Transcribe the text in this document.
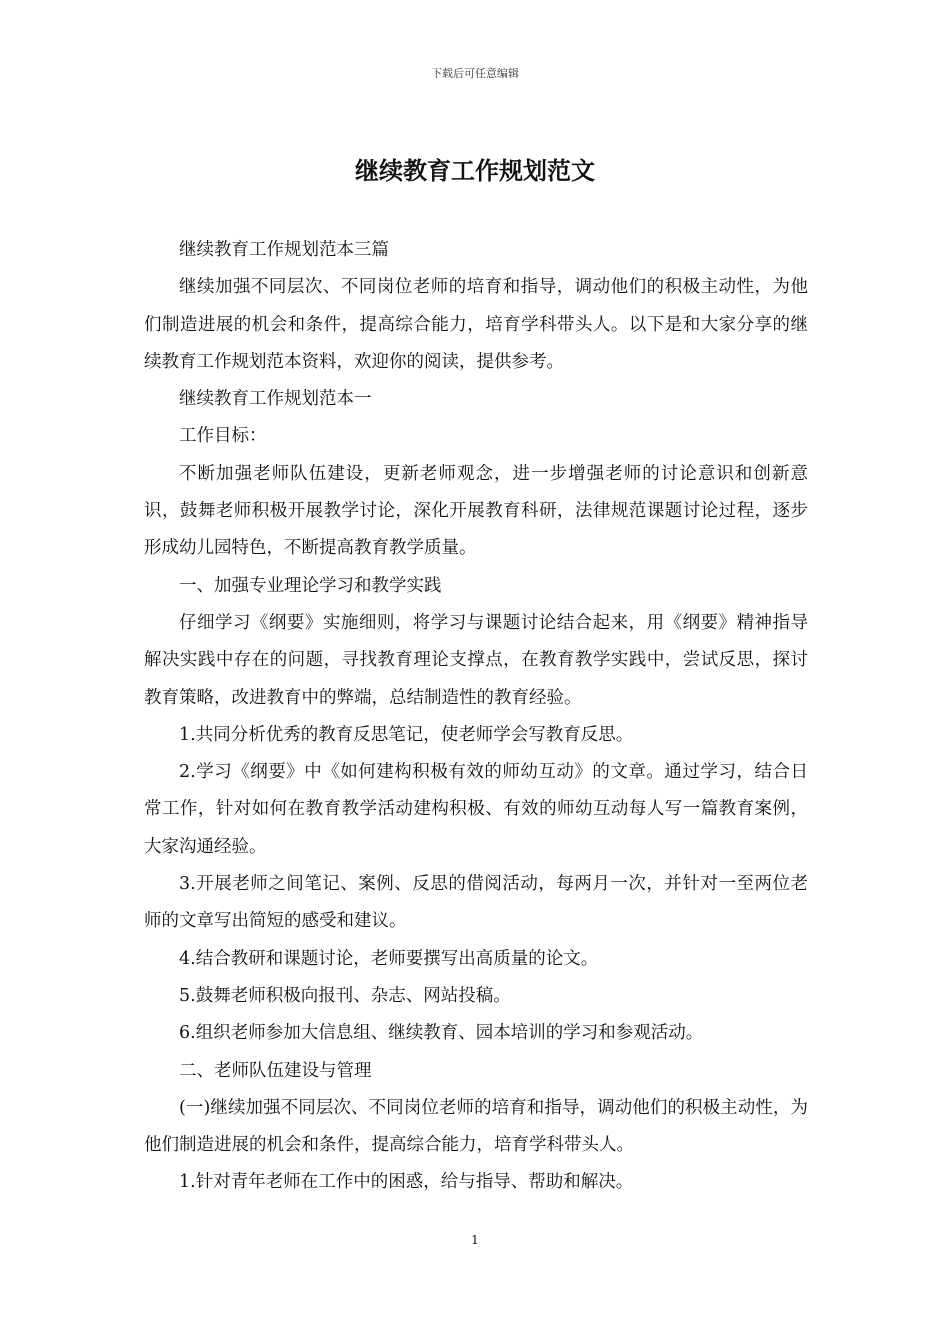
下载后可任意编辑
继续教育工作规划范文

继续教育工作规划范本三篇

继续加强不同层次、不同岗位老师的培育和指导，调动他们的积极主动性，为他们制造进展的机会和条件，提高综合能力，培育学科带头人。以下是和大家分享的继续教育工作规划范本资料，欢迎你的阅读，提供参考。

继续教育工作规划范本一

工作目标：

不断加强老师队伍建设，更新老师观念，进一步增强老师的讨论意识和创新意识，鼓舞老师积极开展教学讨论，深化开展教育科研，法律规范课题讨论过程，逐步形成幼儿园特色，不断提高教育教学质量。

一、加强专业理论学习和教学实践

仔细学习《纲要》实施细则，将学习与课题讨论结合起来，用《纲要》精神指导解决实践中存在的问题，寻找教育理论支撑点，在教育教学实践中，尝试反思，探讨教育策略，改进教育中的弊端，总结制造性的教育经验。

1.共同分析优秀的教育反思笔记，使老师学会写教育反思。

2.学习《纲要》中《如何建构积极有效的师幼互动》的文章。通过学习，结合日常工作，针对如何在教育教学活动建构积极、有效的师幼互动每人写一篇教育案例，大家沟通经验。

3.开展老师之间笔记、案例、反思的借阅活动，每两月一次，并针对一至两位老师的文章写出简短的感受和建议。

4.结合教研和课题讨论，老师要撰写出高质量的论文。

5.鼓舞老师积极向报刊、杂志、网站投稿。

6.组织老师参加大信息组、继续教育、园本培训的学习和参观活动。

二、老师队伍建设与管理

(一)继续加强不同层次、不同岗位老师的培育和指导，调动他们的积极主动性，为他们制造进展的机会和条件，提高综合能力，培育学科带头人。

1.针对青年老师在工作中的困惑，给与指导、帮助和解决。

1
